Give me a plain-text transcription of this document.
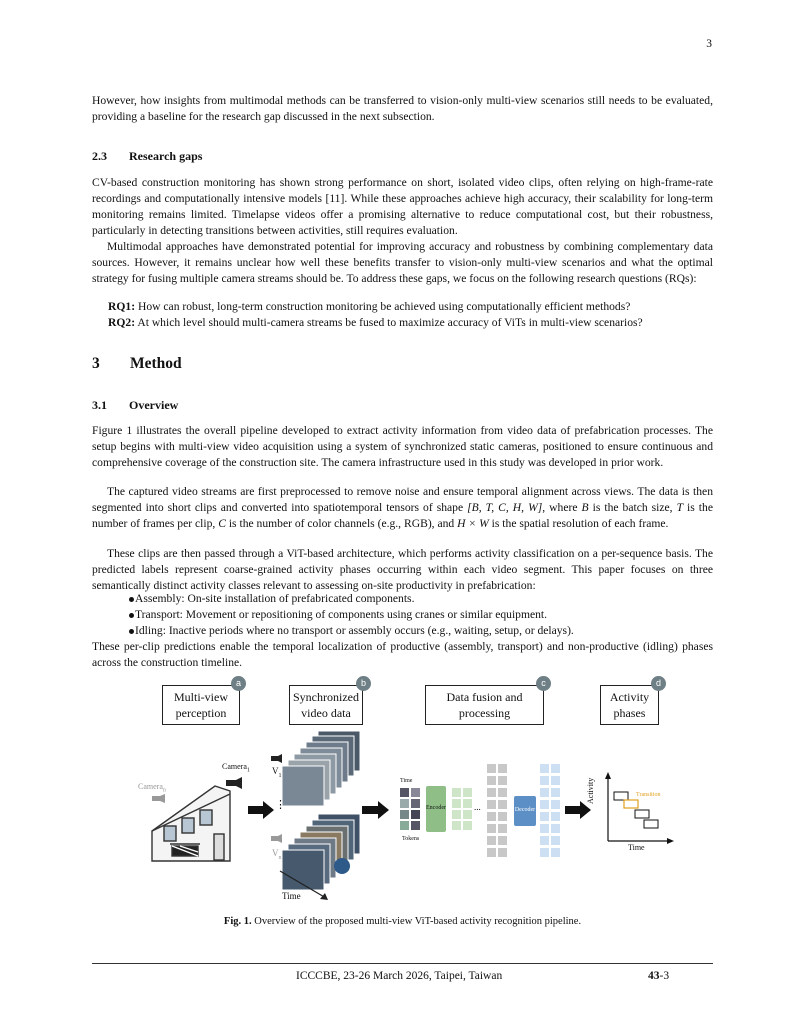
3

However, how insights from multimodal methods can be transferred to vision-only multi-view scenarios still needs to be evaluated, providing a baseline for the research gap discussed in the next subsection.

2.3 Research gaps

CV-based construction monitoring has shown strong performance on short, isolated video clips, often relying on high-frame-rate recordings and computationally intensive models [11]. While these approaches achieve high accuracy, their scalability for long-term monitoring remains limited. Timelapse videos offer a promising alternative to reduce computational cost, but their robustness, particularly in detecting transitions between activities, still requires evaluation.

Multimodal approaches have demonstrated potential for improving accuracy and robustness by combining complementary data sources. However, it remains unclear how well these benefits transfer to vision-only multi-view scenarios and what the optimal strategy for fusing multiple camera streams should be. To address these gaps, we focus on the following research questions (RQs):

RQ1: How can robust, long-term construction monitoring be achieved using computationally efficient methods?
RQ2: At which level should multi-camera streams be fused to maximize accuracy of ViTs in multi-view scenarios?
3 Method
3.1 Overview

Figure 1 illustrates the overall pipeline developed to extract activity information from video data of prefabrication processes. The setup begins with multi-view video acquisition using a system of synchronized static cameras, positioned to ensure continuous and comprehensive coverage of the construction site. The camera infrastructure used in this study was developed in prior work.

The captured video streams are first preprocessed to remove noise and ensure temporal alignment across views. The data is then segmented into short clips and converted into spatiotemporal tensors of shape [B, T, C, H, W], where B is the batch size, T is the number of frames per clip, C is the number of color channels (e.g., RGB), and H × W is the spatial resolution of each frame.

These clips are then passed through a ViT-based architecture, which performs activity classification on a per-sequence basis. The predicted labels represent coarse-grained activity phases occurring within each video segment. This paper focuses on three semantically distinct activity classes relevant to assessing on-site productivity in prefabrication:

Assembly: On-site installation of prefabricated components.
Transport: Movement or repositioning of components using cranes or similar equipment.
Idling: Inactive periods where no transport or assembly occurs (e.g., waiting, setup, or delays).

These per-clip predictions enable the temporal localization of productive (assembly, transport) and non-productive (idling) phases across the construction timeline.

Multi-view
perception
a
Synchronized
video data
b
Data fusion and
processing
c
Activity
phases
d
Camera$_1$
Camera$_n$
$V_1$
⋮
$V_n$
Time
Time
Tokens
Encoder	...	Decoder
Activity
Time
Transition
Fig. 1. Overview of the proposed multi-view ViT-based activity recognition pipeline.
ICCCBE, 23-26 March 2026, Taipei, Taiwan	43-3
